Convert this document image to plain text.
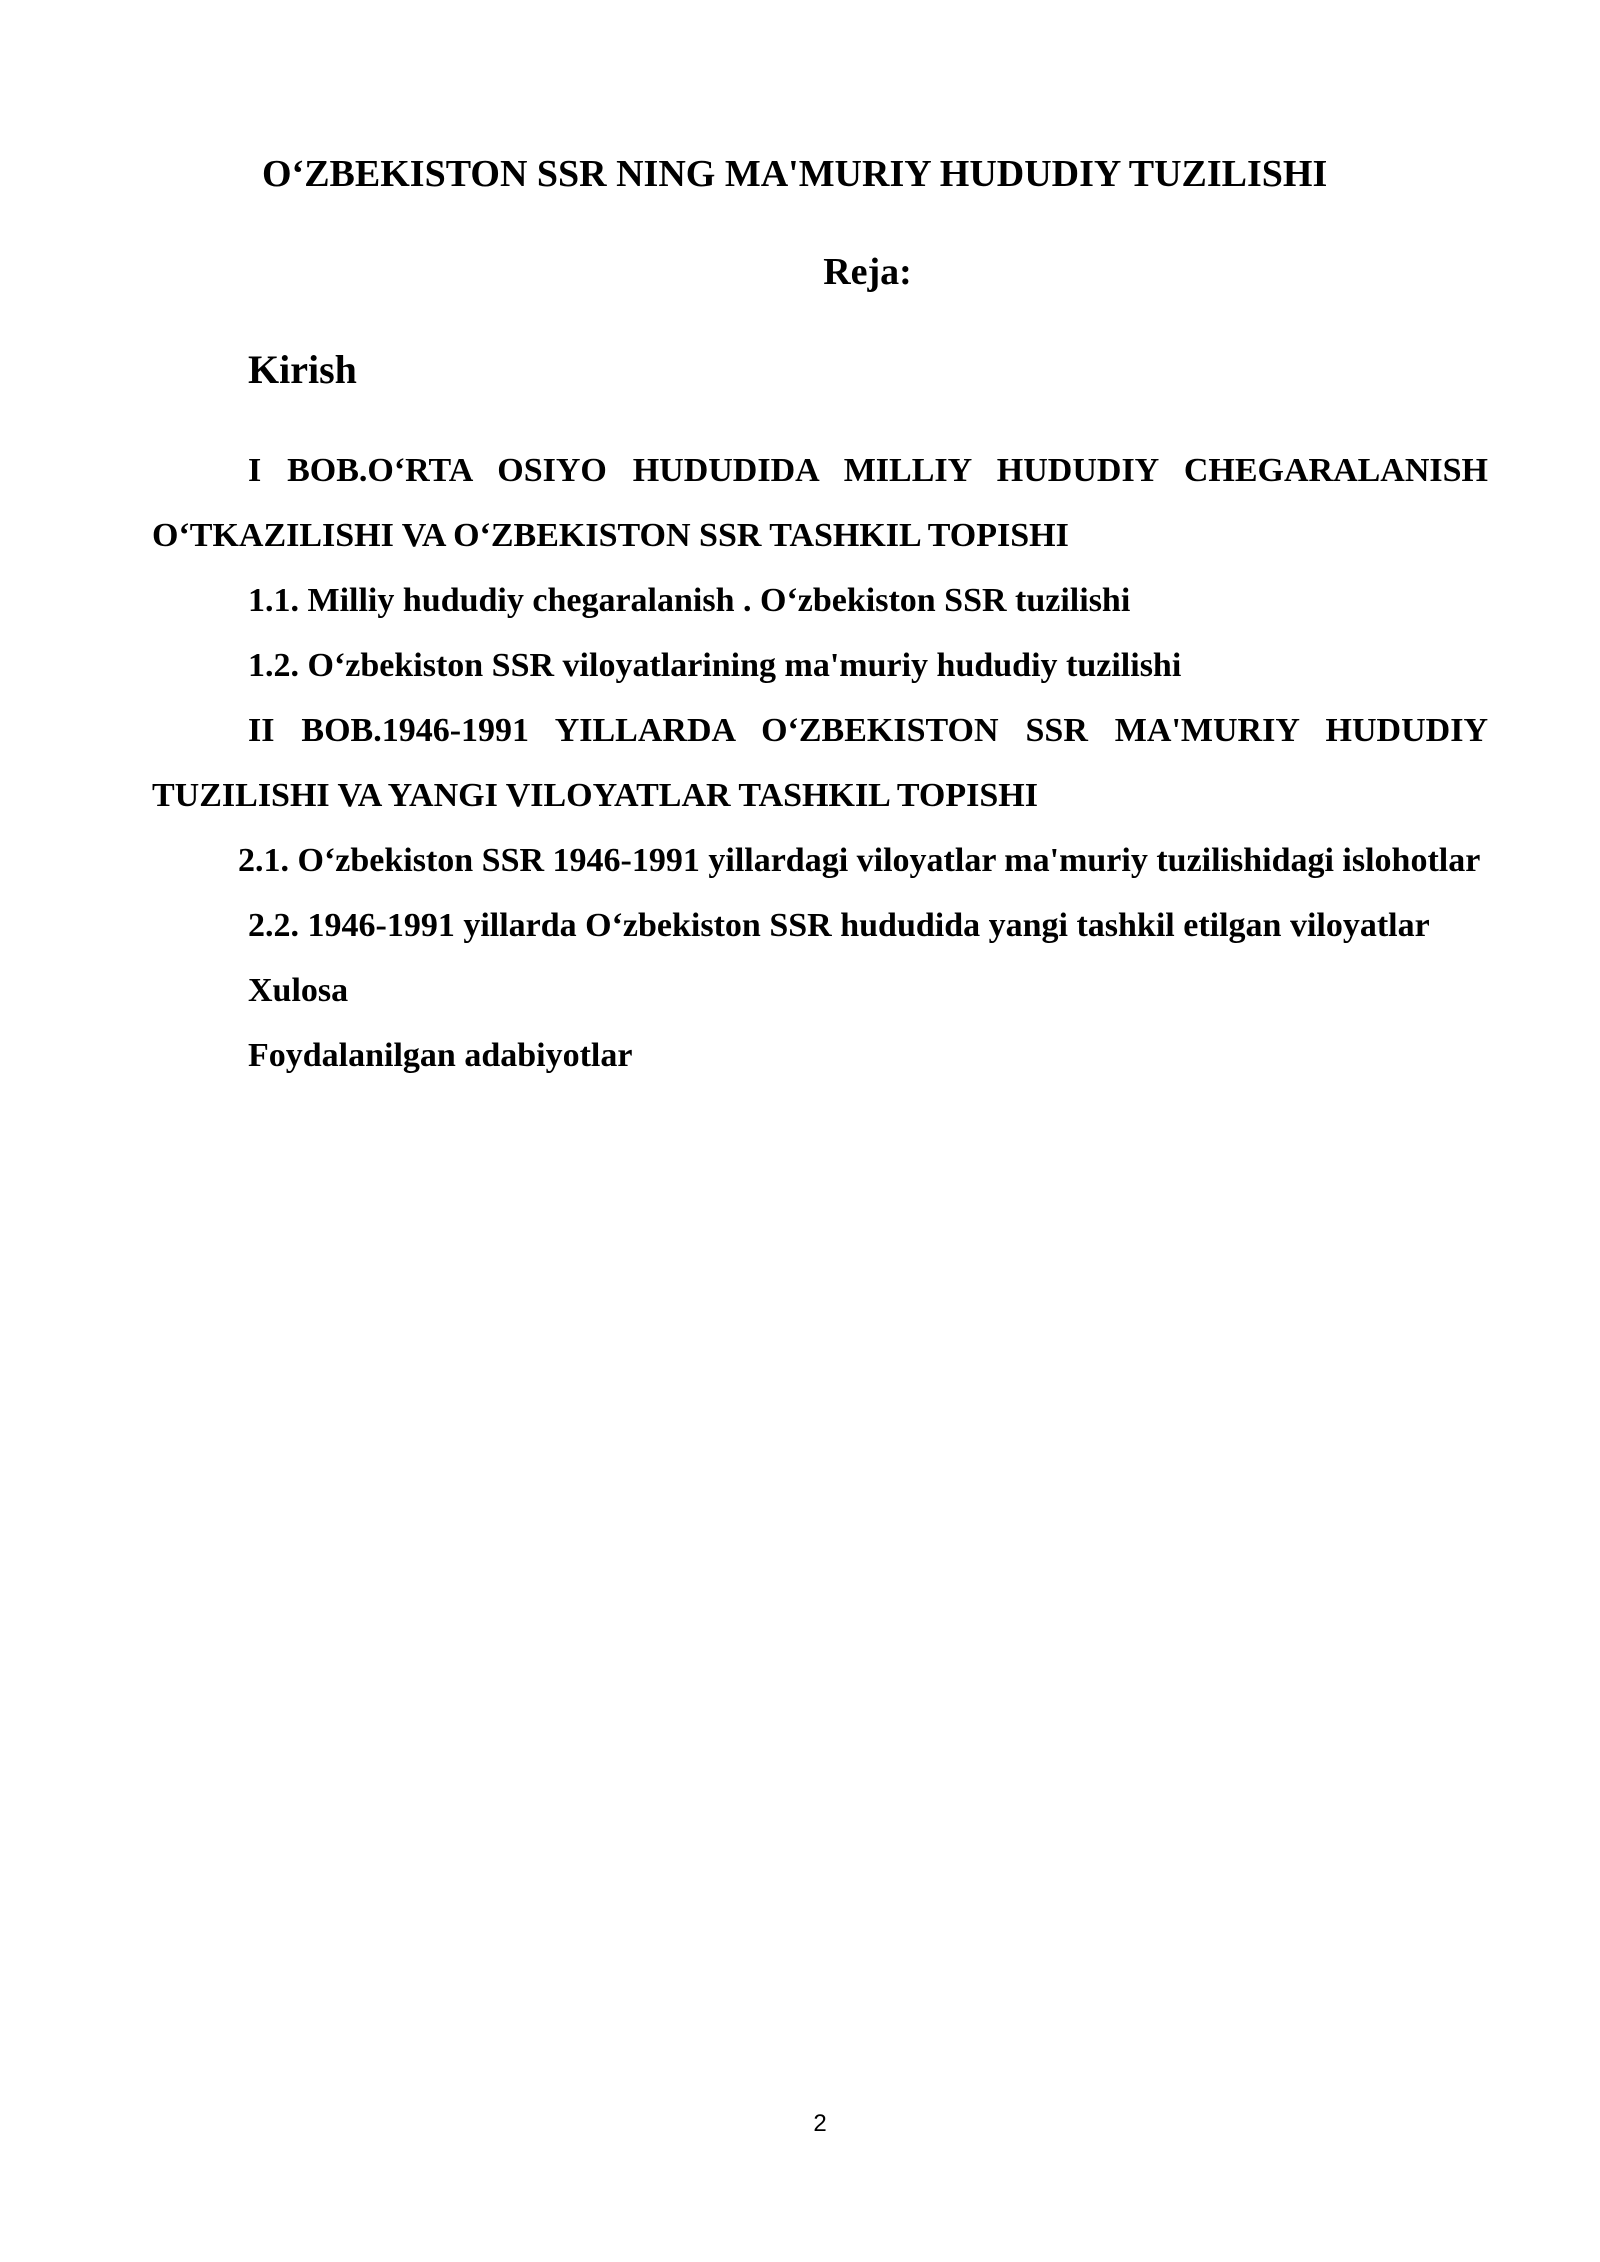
O‘ZBEKISTON SSR NING MA'MURIY HUDUDIY TUZILISHI
Reja:
Kirish

I BOB.O‘RTA OSIYO HUDUDIDA MILLIY HUDUDIY CHEGARALANISH O‘TKAZILISHI VA O‘ZBEKISTON SSR TASHKIL TOPISHI

1.1. Milliy hududiy chegaralanish . O‘zbekiston SSR tuzilishi

1.2. O‘zbekiston SSR viloyatlarining ma'muriy hududiy tuzilishi

II BOB.1946-1991 YILLARDA O‘ZBEKISTON SSR MA'MURIY HUDUDIY TUZILISHI VA YANGI VILOYATLAR TASHKIL TOPISHI

2.1. O‘zbekiston SSR 1946-1991 yillardagi viloyatlar ma'muriy tuzilishidagi islohotlar

2.2. 1946-1991 yillarda O‘zbekiston SSR hududida yangi tashkil etilgan viloyatlar

Xulosa

Foydalanilgan adabiyotlar

2
